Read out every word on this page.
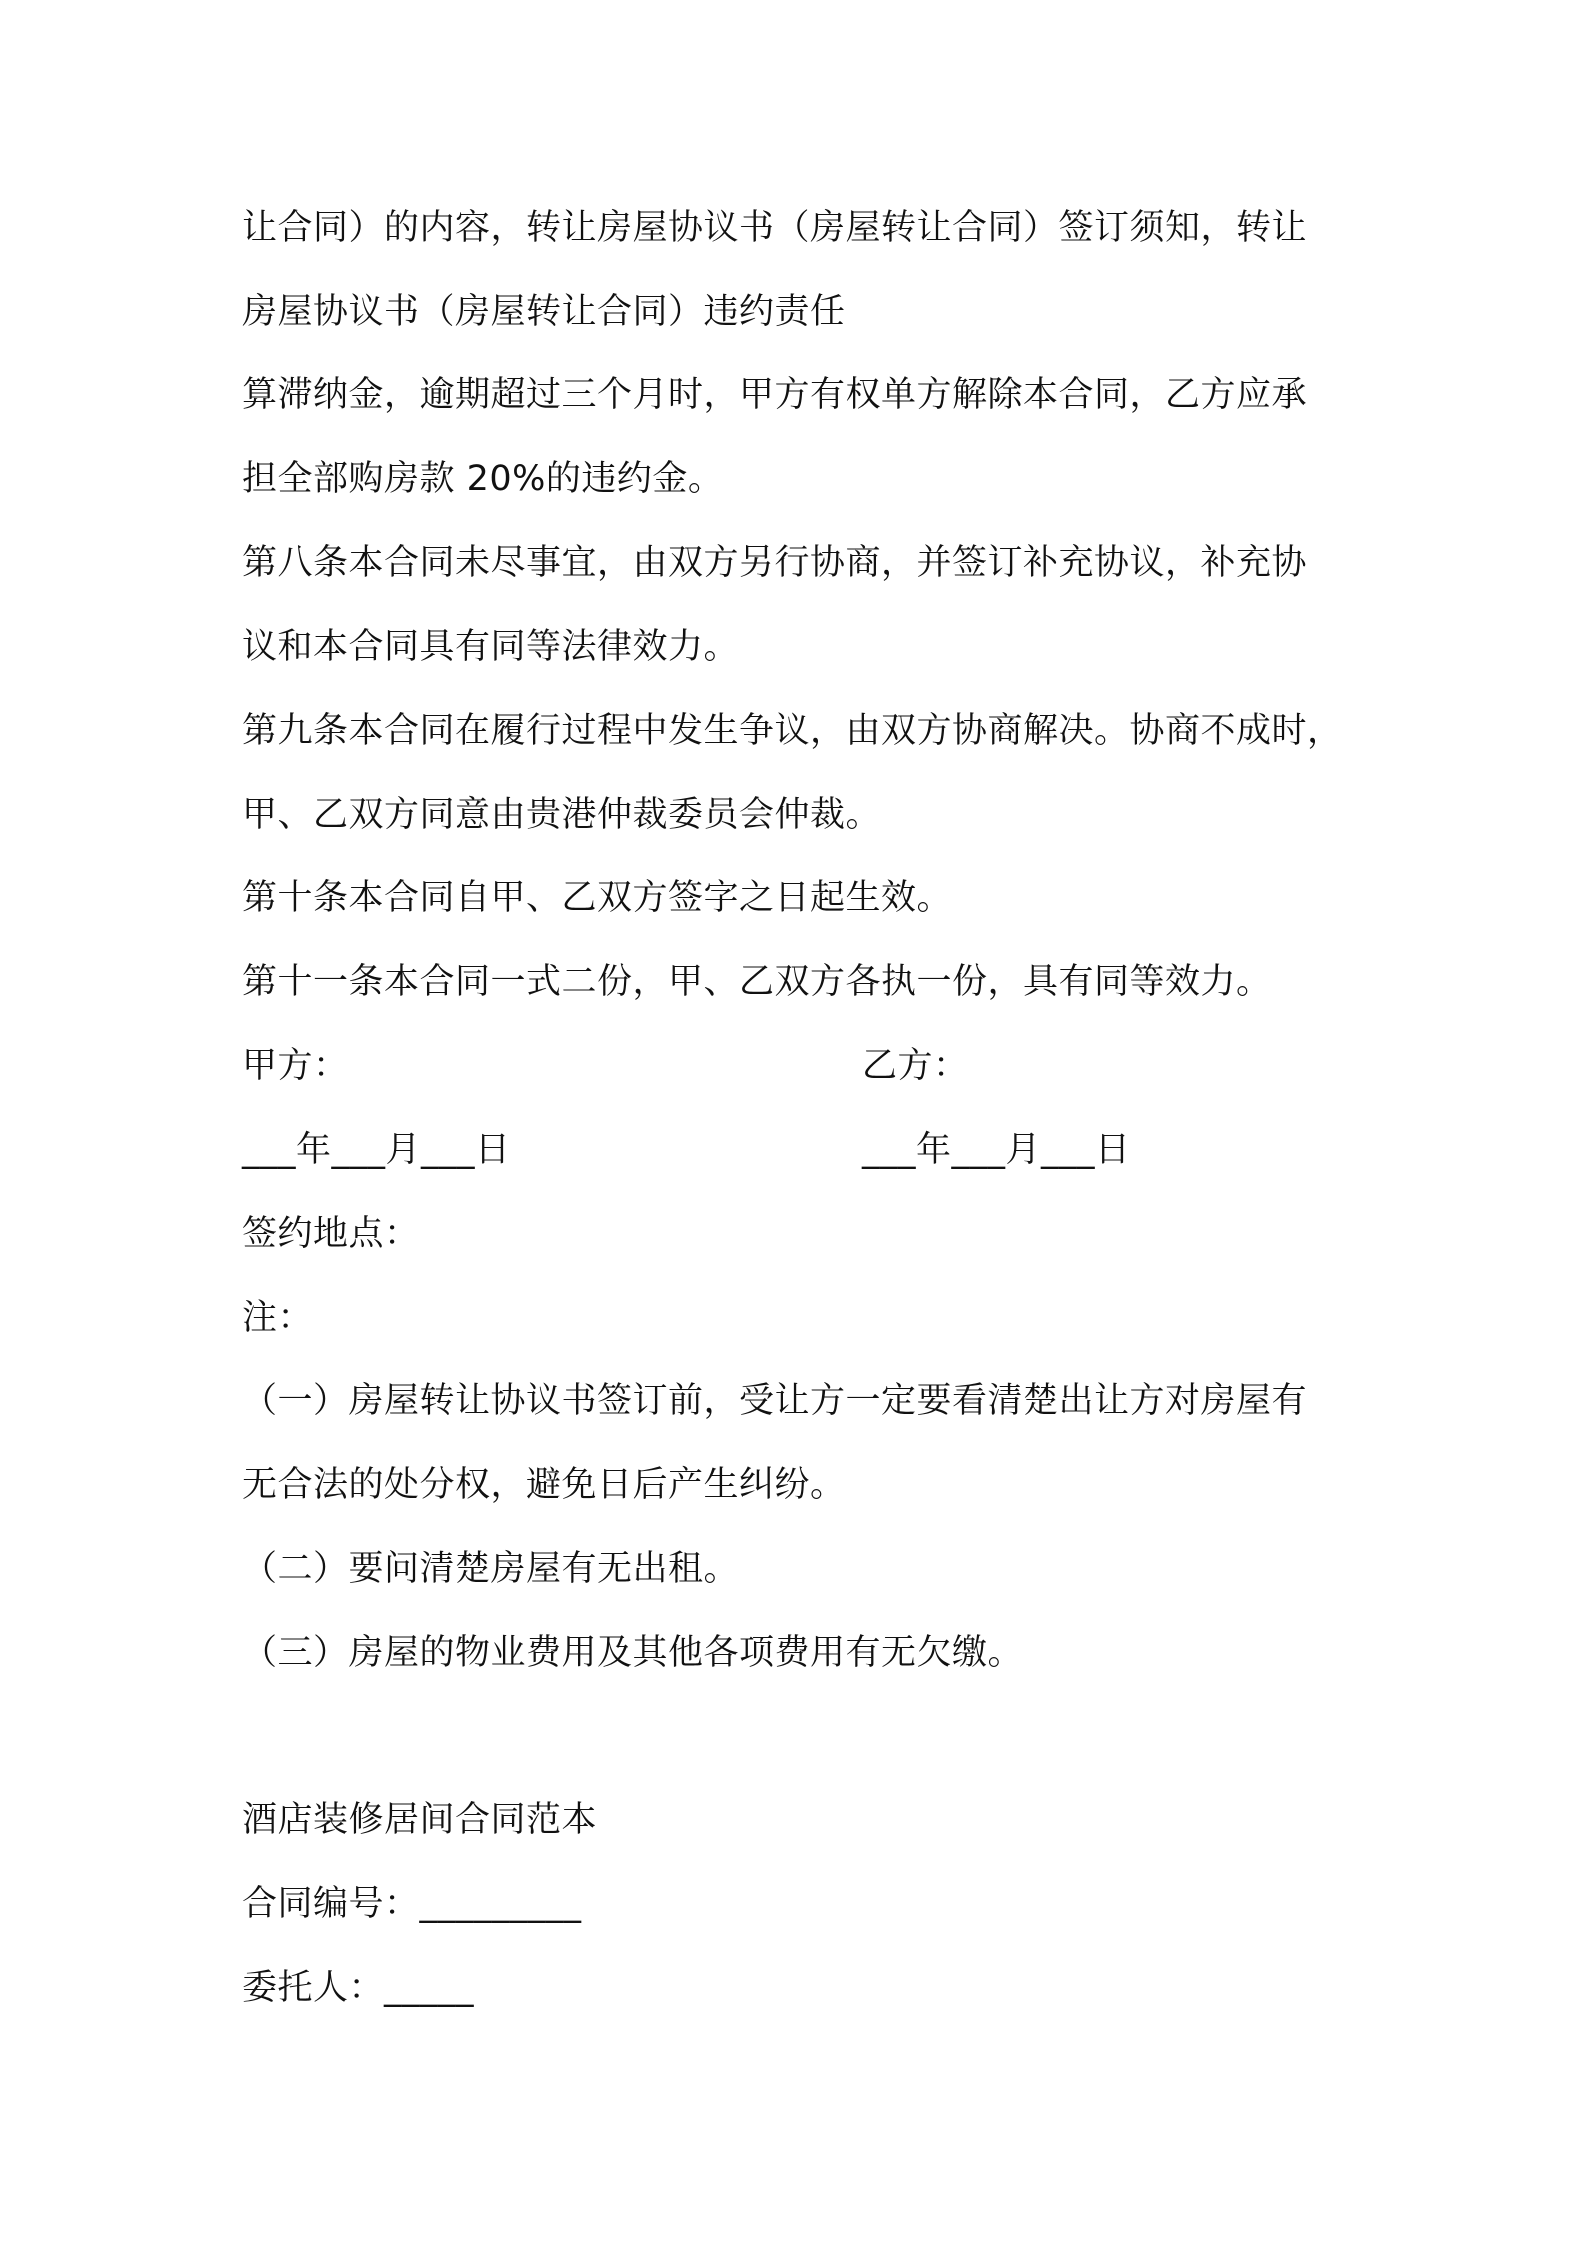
让合同）的内容，转让房屋协议书（房屋转让合同）签订须知，转让
房屋协议书（房屋转让合同）违约责任
算滞纳金，逾期超过三个月时，甲方有权单方解除本合同，乙方应承
担全部购房款 20%的违约金。
第八条本合同未尽事宜，由双方另行协商，并签订补充协议，补充协
议和本合同具有同等法律效力。
第九条本合同在履行过程中发生争议，由双方协商解决。协商不成时，
甲、乙双方同意由贵港仲裁委员会仲裁。
第十条本合同自甲、乙双方签字之日起生效。
第十一条本合同一式二份，甲、乙双方各执一份，具有同等效力。
甲方：	乙方：
___年___月___日	___年___月___日
签约地点：
注：
（一）房屋转让协议书签订前，受让方一定要看清楚出让方对房屋有
无合法的处分权，避免日后产生纠纷。
（二）要问清楚房屋有无出租。
（三）房屋的物业费用及其他各项费用有无欠缴。
酒店装修居间合同范本
合同编号：_________
委托人：_____
